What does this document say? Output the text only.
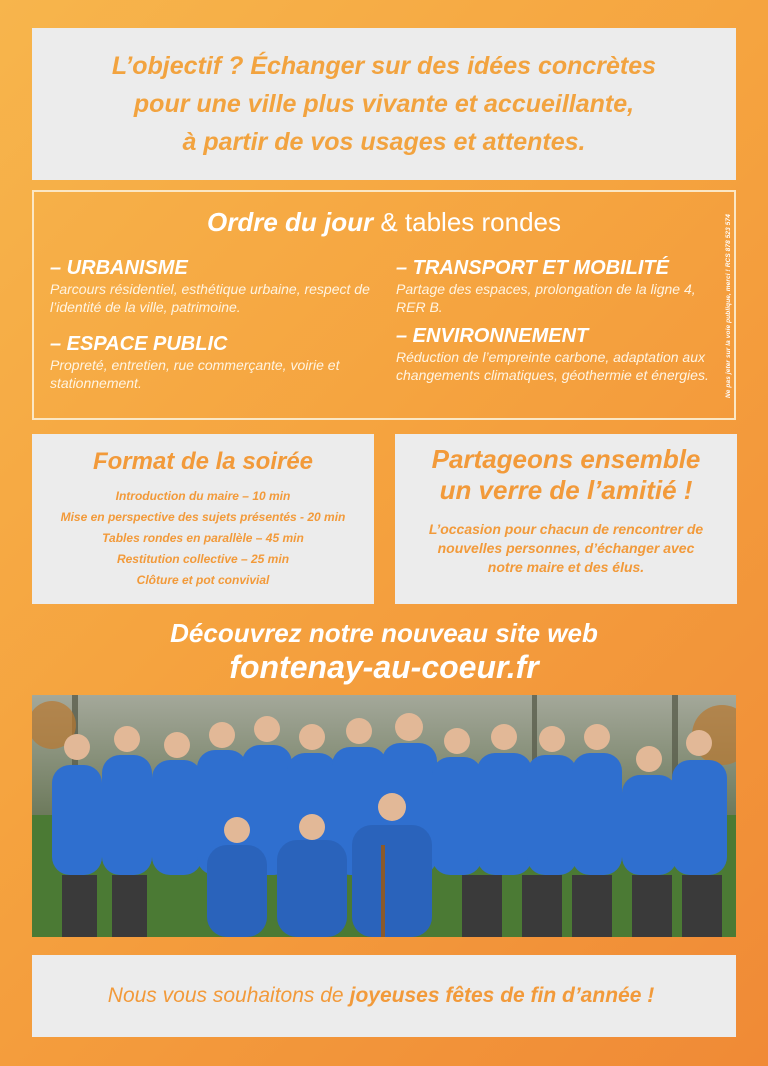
L’objectif ? Échanger sur des idées concrètes
pour une ville plus vivante et accueillante,
à partir de vos usages et attentes.
Ordre du jour & tables rondes
– URBANISME

Parcours résidentiel, esthétique urbaine, respect de l’identité de la ville, patrimoine.

– ESPACE PUBLIC

Propreté, entretien, rue commerçante, voirie et stationnement.

– TRANSPORT ET MOBILITÉ

Partage des espaces, prolongation de la ligne 4, RER B.

– ENVIRONNEMENT

Réduction de l’empreinte carbone, adaptation aux changements climatiques, géothermie et énergies.	Ne pas jeter sur la voie publique, merci ! RCS 878 523 574
Format de la soirée
Introduction du maire – 10 min
Mise en perspective des sujets présentés - 20 min
Tables rondes en parallèle – 45 min
Restitution collective – 25 min
Clôture et pot convivial
Partageons ensemble
un verre de l’amitié !

L’occasion pour chacun de rencontrer de nouvelles personnes, d’échanger avec notre maire et des élus.

Découvrez notre nouveau site web
fontenay-au-coeur.fr
Nous vous souhaitons de joyeuses fêtes de fin d’année !
